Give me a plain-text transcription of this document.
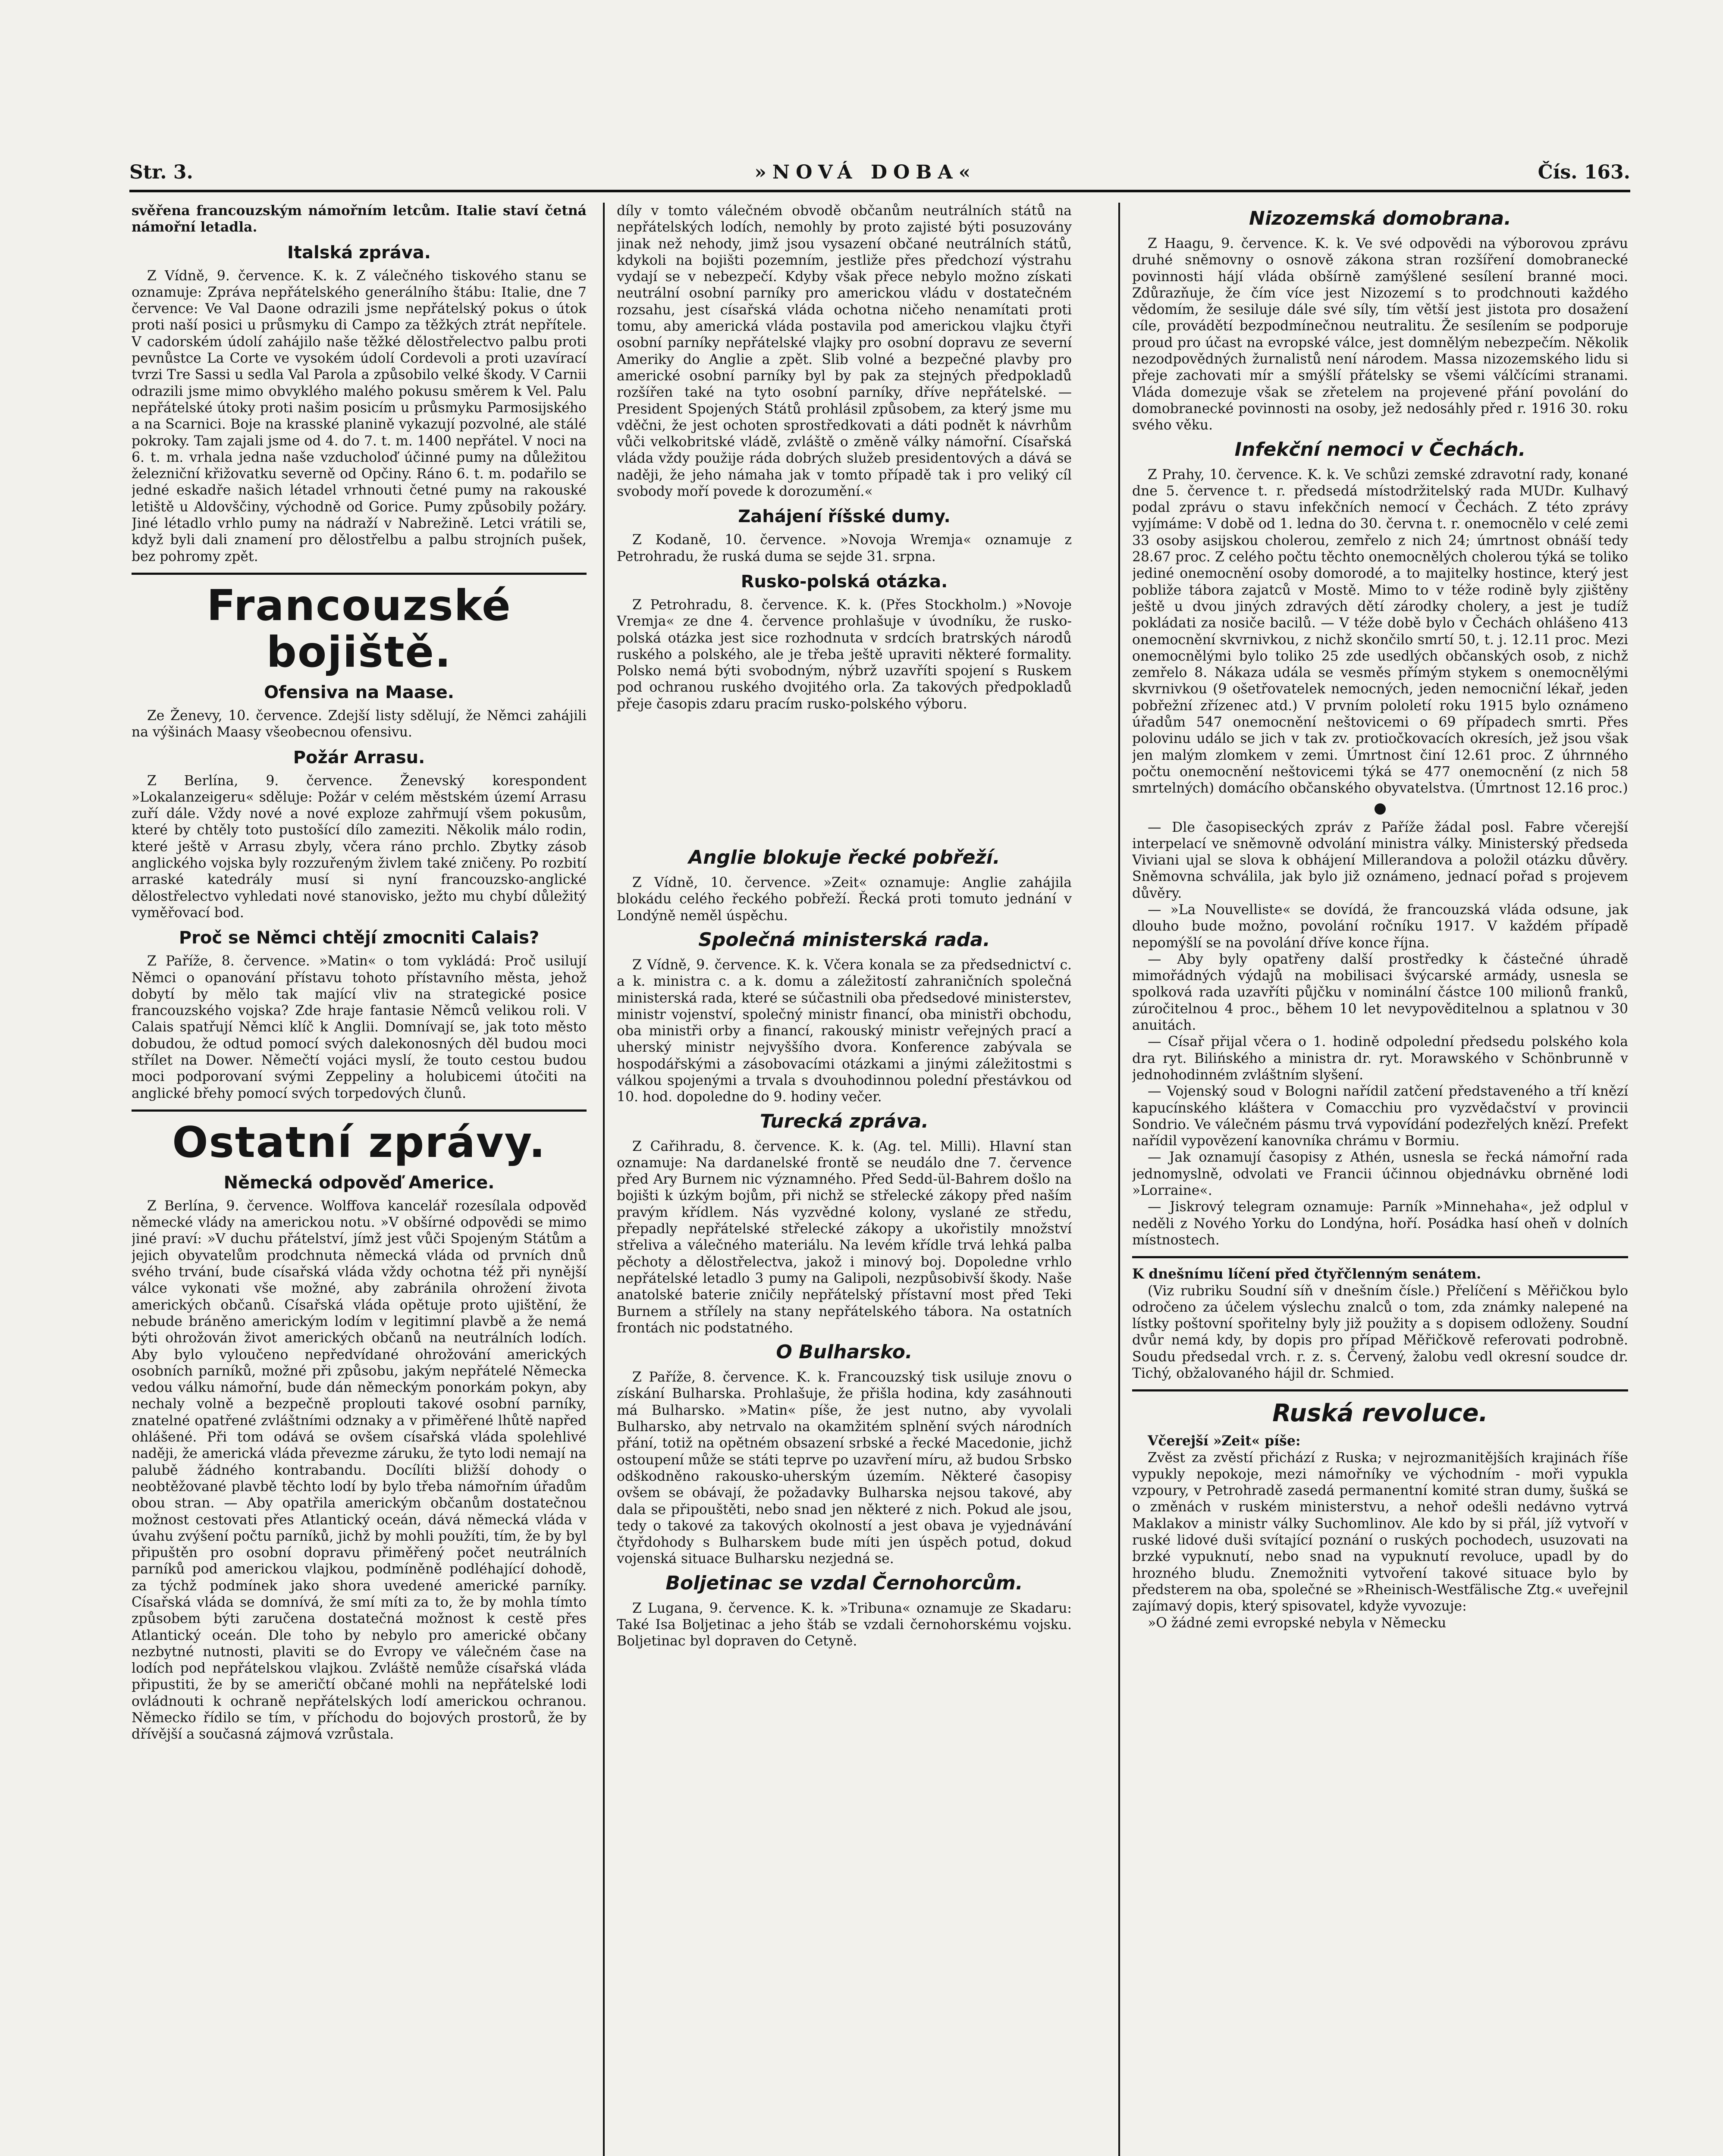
Str. 3.	»NOVÁ DOBA«	Čís. 163.

svěřena francouzským námořním letcům. Italie staví četná námořní letadla.

Italská zpráva.

Z Vídně, 9. července. K. k. Z válečného tiskového stanu se oznamuje: Zpráva nepřátelského generálního štábu: Italie, dne 7 července: Ve Val Daone odrazili jsme nepřátelský pokus o útok proti naší posici u průsmyku di Campo za těžkých ztrát nepřítele. V cadorském údolí zahájilo naše těžké dělostřelectvo palbu proti pevnůstce La Corte ve vysokém údolí Cordevoli a proti uzavírací tvrzi Tre Sassi u sedla Val Parola a způsobilo velké škody. V Carnii odrazili jsme mimo obvyklého malého pokusu směrem k Vel. Palu nepřátelské útoky proti našim posicím u průsmyku Parmosijského a na Scarnici. Boje na krasské planině vykazují pozvolné, ale stálé pokroky. Tam zajali jsme od 4. do 7. t. m. 1400 nepřátel. V noci na 6. t. m. vrhala jedna naše vzducholoď účinné pumy na důležitou železniční křižovatku severně od Opčiny. Ráno 6. t. m. podařilo se jedné eskadře našich létadel vrhnouti četné pumy na rakouské letiště u Aldovščiny, východně od Gorice. Pumy způsobily požáry. Jiné létadlo vrhlo pumy na nádraží v Nabrežině. Letci vrátili se, když byli dali znamení pro dělostřelbu a palbu strojních pušek, bez pohromy zpět.

Francouzské bojiště.
Ofensiva na Maase.

Ze Ženevy, 10. července. Zdejší listy sdělují, že Němci zahájili na výšinách Maasy všeobecnou ofensivu.

Požár Arrasu.

Z Berlína, 9. července. Ženevský korespondent »Lokalanzeigeru« sděluje: Požár v celém městském území Arrasu zuří dále. Vždy nové a nové exploze zahřmují všem pokusům, které by chtěly toto pustošící dílo zameziti. Několik málo rodin, které ještě v Arrasu zbyly, včera ráno prchlo. Zbytky zásob anglického vojska byly rozzuřeným živlem také zničeny. Po rozbití arraské katedrály musí si nyní francouzsko-anglické dělostřelectvo vyhledati nové stanovisko, ježto mu chybí důležitý vyměřovací bod.

Proč se Němci chtějí zmocniti Calais?

Z Paříže, 8. července. »Matin« o tom vykládá: Proč usilují Němci o opanování přístavu tohoto přístavního města, jehož dobytí by mělo tak mající vliv na strategické posice francouzského vojska? Zde hraje fantasie Němců velikou roli. V Calais spatřují Němci klíč k Anglii. Domnívají se, jak toto město dobudou, že odtud pomocí svých dalekonosných děl budou moci střílet na Dower. Němečtí vojáci myslí, že touto cestou budou moci podporovaní svými Zeppeliny a holubicemi útočiti na anglické břehy pomocí svých torpedových člunů.

Ostatní zprávy.
Německá odpověď Americe.

Z Berlína, 9. července. Wolffova kancelář rozesílala odpověď německé vlády na americkou notu. »V obšírné odpovědi se mimo jiné praví: »V duchu přátelství, jímž jest vůči Spojeným Státům a jejich obyvatelům prodchnuta německá vláda od prvních dnů svého trvání, bude císařská vláda vždy ochotna též při nynější válce vykonati vše možné, aby zabránila ohrožení života amerických občanů. Císařská vláda opětuje proto ujištění, že nebude bráněno americkým lodím v legitimní plavbě a že nemá býti ohrožován život amerických občanů na neutrálních lodích. Aby bylo vyloučeno nepředvídané ohrožování amerických osobních parníků, možné při způsobu, jakým nepřátelé Německa vedou válku námořní, bude dán německým ponorkám pokyn, aby nechaly volně a bezpečně proplouti takové osobní parníky, znatelné opatřené zvláštními odznaky a v přiměřené lhůtě napřed ohlášené. Při tom odává se ovšem císařská vláda spolehlivé naději, že americká vláda převezme záruku, že tyto lodi nemají na palubě žádného kontrabandu. Docílíti bližší dohody o neobtěžované plavbě těchto lodí by bylo třeba námořním úřadům obou stran. — Aby opatřila americkým občanům dostatečnou možnost cestovati přes Atlantický oceán, dává německá vláda v úvahu zvýšení počtu parníků, jichž by mohli použíti, tím, že by byl připuštěn pro osobní dopravu přiměřený počet neutrálních parníků pod americkou vlajkou, podmíněně podléhající dohodě, za týchž podmínek jako shora uvedené americké parníky. Císařská vláda se domnívá, že smí míti za to, že by mohla tímto způsobem býti zaručena dostatečná možnost k cestě přes Atlantický oceán. Dle toho by nebylo pro americké občany nezbytné nutnosti, plaviti se do Evropy ve válečném čase na lodích pod nepřátelskou vlajkou. Zvláště nemůže císařská vláda připustiti, že by se američtí občané mohli na nepřátelské lodi ovládnouti k ochraně nepřátelských lodí americkou ochranou. Německo řídilo se tím, v příchodu do bojových prostorů, že by dřívější a současná zájmová vzrůstala.

díly v tomto válečném obvodě občanům neutrálních států na nepřátelských lodích, nemohly by proto zajisté býti posuzovány jinak než nehody, jimž jsou vysazení občané neutrálních států, kdykoli na bojišti pozemním, jestliže přes předchozí výstrahu vydají se v nebezpečí. Kdyby však přece nebylo možno získati neutrální osobní parníky pro americkou vládu v dostatečném rozsahu, jest císařská vláda ochotna ničeho nenamítati proti tomu, aby americká vláda postavila pod americkou vlajku čtyři osobní parníky nepřátelské vlajky pro osobní dopravu ze severní Ameriky do Anglie a zpět. Slib volné a bezpečné plavby pro americké osobní parníky byl by pak za stejných předpokladů rozšířen také na tyto osobní parníky, dříve nepřátelské. — President Spojených Států prohlásil způsobem, za který jsme mu vděčni, že jest ochoten sprostředkovati a dáti podnět k návrhům vůči velkobritské vládě, zvláště o změně války námořní. Císařská vláda vždy použije ráda dobrých služeb presidentových a dává se naději, že jeho námaha jak v tomto případě tak i pro veliký cíl svobody moří povede k dorozumění.«

Zahájení říšské dumy.

Z Kodaně, 10. července. »Novoja Wremja« oznamuje z Petrohradu, že ruská duma se sejde 31. srpna.

Rusko-polská otázka.

Z Petrohradu, 8. července. K. k. (Přes Stockholm.) »Novoje Vremja« ze dne 4. července prohlašuje v úvodníku, že rusko-polská otázka jest sice rozhodnuta v srdcích bratrských národů ruského a polského, ale je třeba ještě upraviti některé formality. Polsko nemá býti svobodným, nýbrž uzavříti spojení s Ruskem pod ochranou ruského dvojitého orla. Za takových předpokladů přeje časopis zdaru pracím rusko-polského výboru.

Anglie blokuje řecké pobřeží.

Z Vídně, 10. července. »Zeit« oznamuje: Anglie zahájila blokádu celého řeckého pobřeží. Řecká proti tomuto jednání v Londýně neměl úspěchu.

Společná ministerská rada.

Z Vídně, 9. července. K. k. Včera konala se za předsednictví c. a k. ministra c. a k. domu a záležitostí zahraničních společná ministerská rada, které se súčastnili oba předsedové ministerstev, ministr vojenství, společný ministr financí, oba ministři obchodu, oba ministři orby a financí, rakouský ministr veřejných prací a uherský ministr nejvyššího dvora. Konference zabývala se hospodářskými a zásobovacími otázkami a jinými záležitostmi s válkou spojenými a trvala s dvouhodinnou polední přestávkou od 10. hod. dopoledne do 9. hodiny večer.

Turecká zpráva.

Z Cařihradu, 8. července. K. k. (Ag. tel. Milli). Hlavní stan oznamuje: Na dardanelské frontě se neudálo dne 7. července před Ary Burnem nic významného. Před Sedd-ül-Bahrem došlo na bojišti k úzkým bojům, při nichž se střelecké zákopy před naším pravým křídlem. Nás vyzvědné kolony, vyslané ze středu, přepadly nepřátelské střelecké zákopy a ukořistily množství střeliva a válečného materiálu. Na levém křídle trvá lehká palba pěchoty a dělostřelectva, jakož i minový boj. Dopoledne vrhlo nepřátelské letadlo 3 pumy na Galipoli, nezpůsobivší škody. Naše anatolské baterie zničily nepřátelský přístavní most před Teki Burnem a střílely na stany nepřátelského tábora. Na ostatních frontách nic podstatného.

O Bulharsko.

Z Paříže, 8. července. K. k. Francouzský tisk usiluje znovu o získání Bulharska. Prohlašuje, že přišla hodina, kdy zasáhnouti má Bulharsko. »Matin« píše, že jest nutno, aby vyvolali Bulharsko, aby netrvalo na okamžitém splnění svých národních přání, totiž na opětném obsazení srbské a řecké Macedonie, jichž ostoupení může se státi teprve po uzavření míru, až budou Srbsko odškodněno rakousko-uherským územím. Některé časopisy ovšem se obávají, že požadavky Bulharska nejsou takové, aby dala se připouštěti, nebo snad jen některé z nich. Pokud ale jsou, tedy o takové za takových okolností a jest obava je vyjednávání čtyřdohody s Bulharskem bude míti jen úspěch potud, dokud vojenská situace Bulharsku nezjedná se.

Boljetinac se vzdal Černohorcům.

Z Lugana, 9. července. K. k. »Tribuna« oznamuje ze Skadaru: Také Isa Boljetinac a jeho štáb se vzdali černohorskému vojsku. Boljetinac byl dopraven do Cetyně.

Nizozemská domobrana.

Z Haagu, 9. července. K. k. Ve své odpovědi na výborovou zprávu druhé sněmovny o osnově zákona stran rozšíření domobranecké povinnosti hájí vláda obšírně zamýšlené sesílení branné moci. Zdůrazňuje, že čím více jest Nizozemí s to prodchnouti každého vědomím, že sesiluje dále své síly, tím větší jest jistota pro dosažení cíle, provádětí bezpodmínečnou neutralitu. Že sesílením se podporuje proud pro účast na evropské válce, jest domnělým nebezpečím. Několik nezodpovědných žurnalistů není národem. Massa nizozemského lidu si přeje zachovati mír a smýšlí přátelsky se všemi válčícími stranami. Vláda domezuje však se zřetelem na projevené přání povolání do domobranecké povinnosti na osoby, jež nedosáhly před r. 1916 30. roku svého věku.

Infekční nemoci v Čechách.

Z Prahy, 10. července. K. k. Ve schůzi zemské zdravotní rady, konané dne 5. července t. r. předsedá místodržitelský rada MUDr. Kulhavý podal zprávu o stavu infekčních nemocí v Čechách. Z této zprávy vyjímáme: V době od 1. ledna do 30. června t. r. onemocnělo v celé zemi 33 osoby asijskou cholerou, zemřelo z nich 24; úmrtnost obnáší tedy 28.67 proc. Z celého počtu těchto onemocnělých cholerou týká se toliko jediné onemocnění osoby domorodé, a to majitelky hostince, který jest pobliže tábora zajatců v Mostě. Mimo to v téže rodině byly zjištěny ještě u dvou jiných zdravých dětí zárodky cholery, a jest je tudíž pokládati za nosiče bacilů. — V téže době bylo v Čechách ohlášeno 413 onemocnění skvrnivkou, z nichž skončilo smrtí 50, t. j. 12.11 proc. Mezi onemocnělými bylo toliko 25 zde usedlých občanských osob, z nichž zemřelo 8. Nákaza udála se vesměs přímým stykem s onemocnělými skvrnivkou (9 ošetřovatelek nemocných, jeden nemocniční lékař, jeden pobřežní zřízenec atd.) V prvním pololetí roku 1915 bylo oznámeno úřadům 547 onemocnění neštovicemi o 69 případech smrti. Přes polovinu událo se jich v tak zv. protiočkovacích okresích, jež jsou však jen malým zlomkem v zemi. Úmrtnost činí 12.61 proc. Z úhrnného počtu onemocnění neštovicemi týká se 477 onemocnění (z nich 58 smrtelných) domácího občanského obyvatelstva. (Úmrtnost 12.16 proc.)

●

— Dle časopiseckých zpráv z Paříže žádal posl. Fabre včerejší interpelací ve sněmovně odvolání ministra války. Ministerský předseda Viviani ujal se slova k obhájení Millerandova a položil otázku důvěry. Sněmovna schválila, jak bylo již oznámeno, jednací pořad s projevem důvěry.

— »La Nouvelliste« se dovídá, že francouzská vláda odsune, jak dlouho bude možno, povolání ročníku 1917. V každém případě nepomýšlí se na povolání dříve konce října.

— Aby byly opatřeny další prostředky k částečné úhradě mimořádných výdajů na mobilisaci švýcarské armády, usnesla se spolková rada uzavříti půjčku v nominální částce 100 milionů franků, zúročitelnou 4 proc., během 10 let nevypověditelnou a splatnou v 30 anuitách.

— Císař přijal včera o 1. hodině odpolední předsedu polského kola dra ryt. Bilińského a ministra dr. ryt. Morawského v Schönbrunně v jednohodinném zvláštním slyšení.

— Vojenský soud v Bologni nařídil zatčení představeného a tří knězí kapucínského kláštera v Comacchiu pro vyzvědačství v provincii Sondrio. Ve válečném pásmu trvá vypovídání podezřelých knězí. Prefekt nařídil vypovězení kanovníka chrámu v Bormiu.

— Jak oznamují časopisy z Athén, usnesla se řecká námořní rada jednomyslně, odvolati ve Francii účinnou objednávku obrněné lodi »Lorraine«.

— Jiskrový telegram oznamuje: Parník »Minnehaha«, jež odplul v neděli z Nového Yorku do Londýna, hoří. Posádka hasí oheň v dolních místnostech.

K dnešnímu líčení před čtyřčlenným senátem.

(Viz rubriku Soudní síň v dnešním čísle.) Přelíčení s Měřičkou bylo odročeno za účelem výslechu znalců o tom, zda známky nalepené na lístky poštovní spořitelny byly již použity a s dopisem odloženy. Soudní dvůr nemá kdy, by dopis pro případ Měřičkově referovati podrobně. Soudu předsedal vrch. r. z. s. Červený, žalobu vedl okresní soudce dr. Tichý, obžalovaného hájil dr. Schmied.

Ruská revoluce.

Včerejší »Zeit« píše:

Zvěst za zvěstí přichází z Ruska; v nejrozmanitějších krajinách říše vypukly nepokoje, mezi námořníky ve východním - moři vypukla vzpoury, v Petrohradě zasedá permanentní komité stran dumy, šušká se o změnách v ruském ministerstvu, a nehoř odešli nedávno vytrvá Maklakov a ministr války Suchomlinov. Ale kdo by si přál, jíž vytvoří v ruské lidové duši svítající poznání o ruských pochodech, usuzovati na brzké vypuknutí, nebo snad na vypuknutí revoluce, upadl by do hrozného bludu. Znemožniti vytvoření takové situace bylo by předsterem na oba, společné se »Rheinisch-Westfälische Ztg.« uveřejnil zajímavý dopis, který spisovatel, kdyže vyvozuje:

»O žádné zemi evropské nebyla v Německu
